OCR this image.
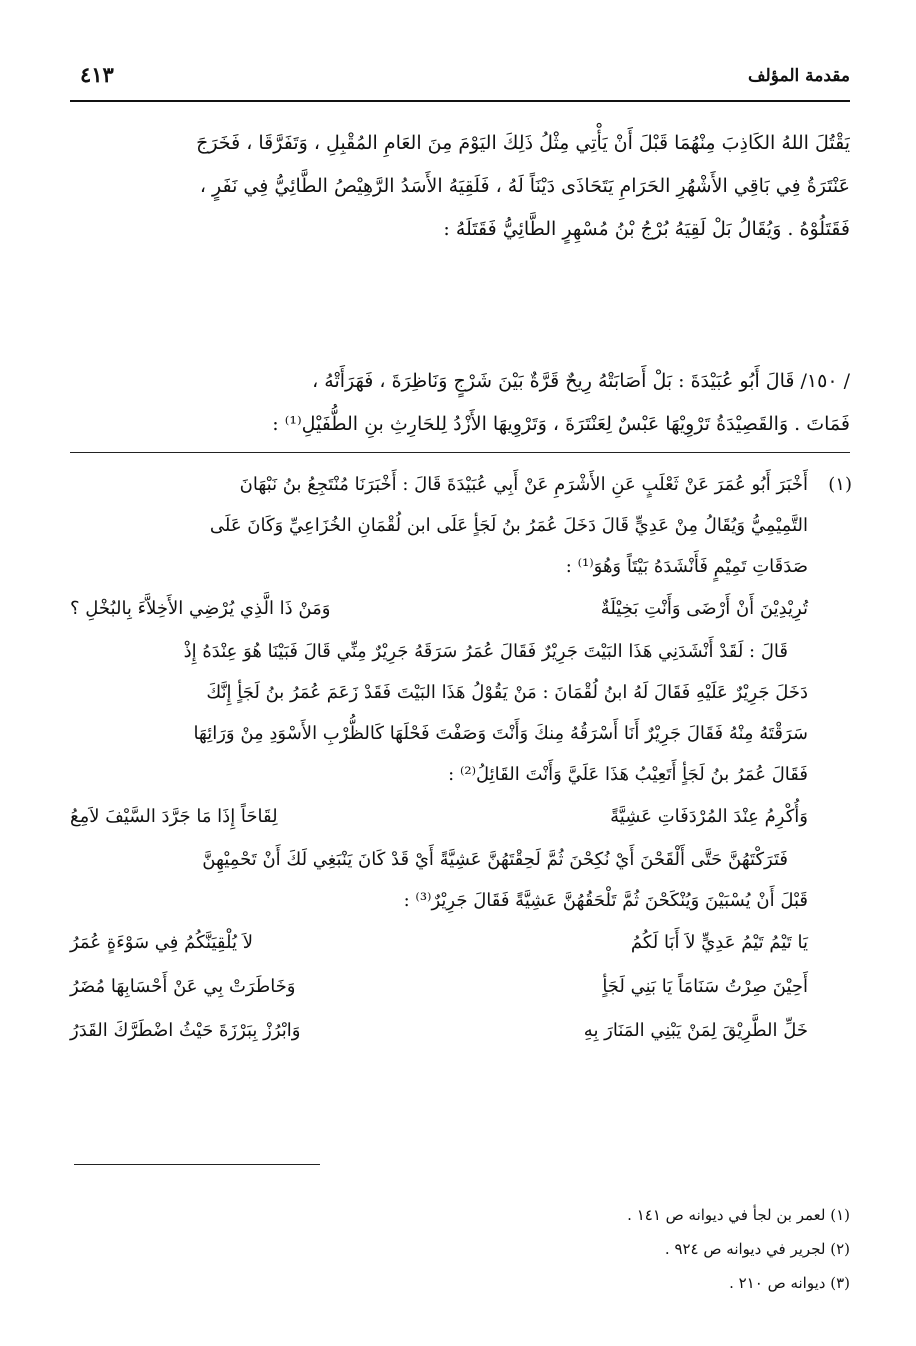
مقدمة المؤلف
٤١٣
يَقْتُلَ اللهُ الكَاذِبَ مِنْهُمَا قَبْلَ أَنْ يَأْتِي مِثْلُ ذَلِكَ اليَوْمَ مِنَ العَامِ المُقْبِلِ ، وَتَفَرَّقَا ، فَخَرَجَ
عَنْتَرَةُ فِي بَاقِي الأَشْهُرِ الحَرَامِ يَتَحَاذَى دَيْنَاً لَهُ ، فَلَقِيَهُ الأَسَدُ الرَّهِيْصُ الطَّائِيُّ فِي نَفَرٍ ،
فَقَتَلُوْهُ . وَيُقَالُ بَلْ لَقِيَهُ بُرْجُ بْنُ مُسْهِرٍ الطَّائِيُّ فَقَتَلَهُ :
/ ١٥٠/ قَالَ أَبُو عُبَيْدَةَ : بَلْ أَصَابَتْهُ رِيحٌ قَرَّةٌ بَيْنَ شَرْجٍ وَنَاظِرَةَ ، فَهَرَأَتْهُ ،
فَمَاتَ . وَالقَصِيْدَةُ تَرْوِيْهَا عَبْسٌ لِعَنْتَرَةَ ، وَتَرْوِيهَا الأَزْدُ لِلحَارِثِ بنِ الطُّفَيْلِ⁽¹⁾ :
(١)
أَخْبَرَ أَبُو عُمَرَ عَنْ ثَعْلَبٍ عَنِ الأَشْرَمِ عَنْ أَبِي عُبَيْدَةَ قَالَ : أَخْبَرَنَا مُنْتَجِعُ بنُ نَبْهَانَ
التَّمِيْمِيُّ وَيُقَالُ مِنْ عَدِيٍّ قَالَ دَخَلَ عُمَرُ بنُ لَجَأٍ عَلَى ابن لُقْمَانِ الخُزَاعِيِّ وَكَانَ عَلَى
صَدَقَاتِ تَمِيْمٍ فَأَنْشَدَهُ بَيْتَاً وَهُوَ⁽¹⁾ :
تُرِيْدِيْنَ أَنْ أَرْضَى وَأَنْتِ بَخِيْلَةٌ
وَمَنْ ذَا الَّذِي يُرْضِي الأَخِلاَّءَ بِالبُخْلِ ؟
قَالَ : لَقَدْ أَنْشَدَنِي هَذَا البَيْتَ جَرِيْرٌ فَقَالَ عُمَرُ سَرَقَهُ جَرِيْرٌ مِنِّي قَالَ فَبَيْنَا هُوَ عِنْدَهُ إِذْ
دَخَلَ جَرِيْرٌ عَلَيْهِ فَقَالَ لَهُ ابنُ لُقْمَانَ : مَنْ يَقُوْلُ هَذَا البَيْتَ فَقَدْ زَعَمَ عُمَرُ بنُ لَجَأٍ إِنَّكَ
سَرَقْتَهُ مِنْهُ فَقَالَ جَرِيْرٌ أَنَا أَسْرَقُهُ مِنكَ وَأَنْتَ وَصَفْتَ فَحْلَهَا كَالظُّرْبِ الأَسْوَدِ مِنْ وَرَائِهَا
فَقَالَ عُمَرُ بنُ لَجَأٍ أَتَعِيْبُ هَذَا عَلَيَّ وَأَنْتَ القَائِلُ⁽²⁾ :
وَأُكْرِمُ عِنْدَ المُرْدَفَاتِ عَشِيَّةً
لِقَاحَاً إِذَا مَا جَرَّدَ السَّيْفَ لاَمِعُ
فَتَرَكْتَهُنَّ حَتَّى أَلْقَحْنَ أَيْ نُكِحْنَ ثُمَّ لَحِقْتَهُنَّ عَشِيَّةً أَيْ قَدْ كَانَ يَنْبَغِي لَكَ أَنْ تَحْمِيْهِنَّ
قَبْلَ أَنْ يُسْبَيْنَ وَيُنْكَحْنَ ثُمَّ تَلْحَقُهُنَّ عَشِيَّةً فَقَالَ جَرِيْرٌ⁽³⁾ :
يَا تَيْمُ تَيْمُ عَدِيٍّ لاَ أَبَا لَكُمُ
لاَ يُلْقِيَنَّكُمُ فِي سَوْءَةٍ عُمَرُ
أَحِيْنَ صِرْتُ سَنَامَاً يَا بَنِي لَجَأٍ
وَخَاطَرَتْ بِي عَنْ أَحْسَابِهَا مُضَرُ
خَلِّ الطَّرِيْقَ لِمَنْ يَبْنِي المَنَارَ بِهِ
وَابْرُزْ بِبَرْزَةَ حَيْثُ اضْطَرَّكَ القَدَرُ
(١) لعمر بن لجأ في ديوانه ص ١٤١ .
(٢) لجرير في ديوانه ص ٩٢٤ .
(٣) ديوانه ص ٢١٠ .
